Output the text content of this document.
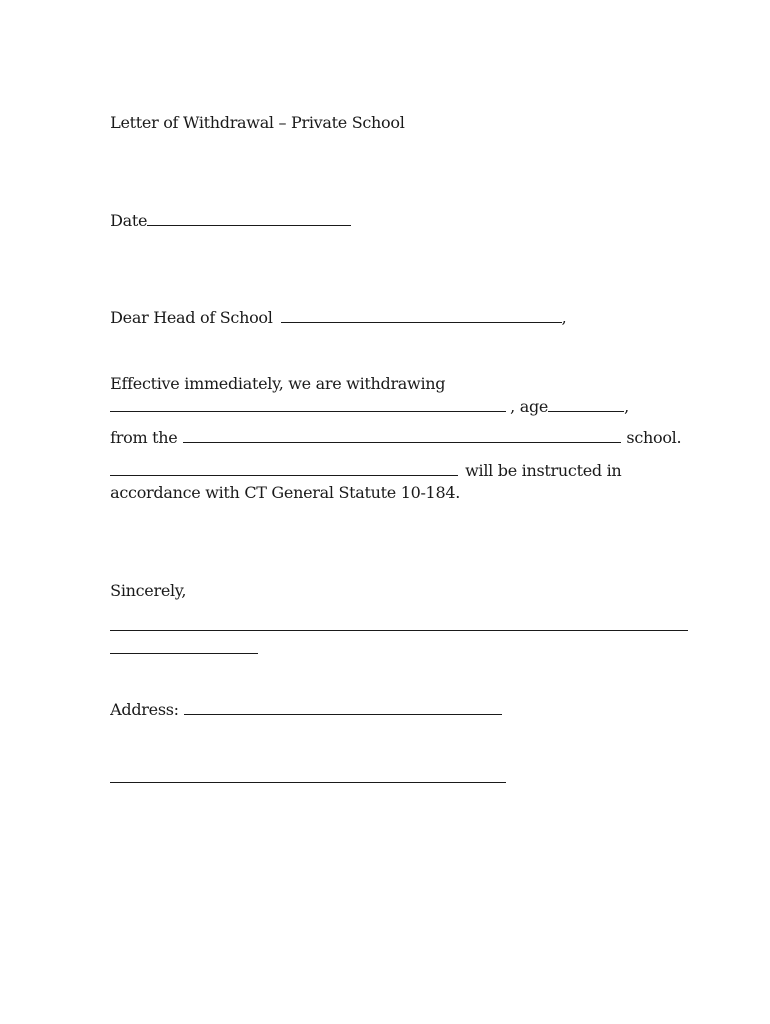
Letter of Withdrawal – Private School

Date

Dear Head of School	,

Effective immediately, we are withdrawing

, age	,

from the	school.

will be instructed in

accordance with CT General Statute 10-184.

Sincerely,

Address:
